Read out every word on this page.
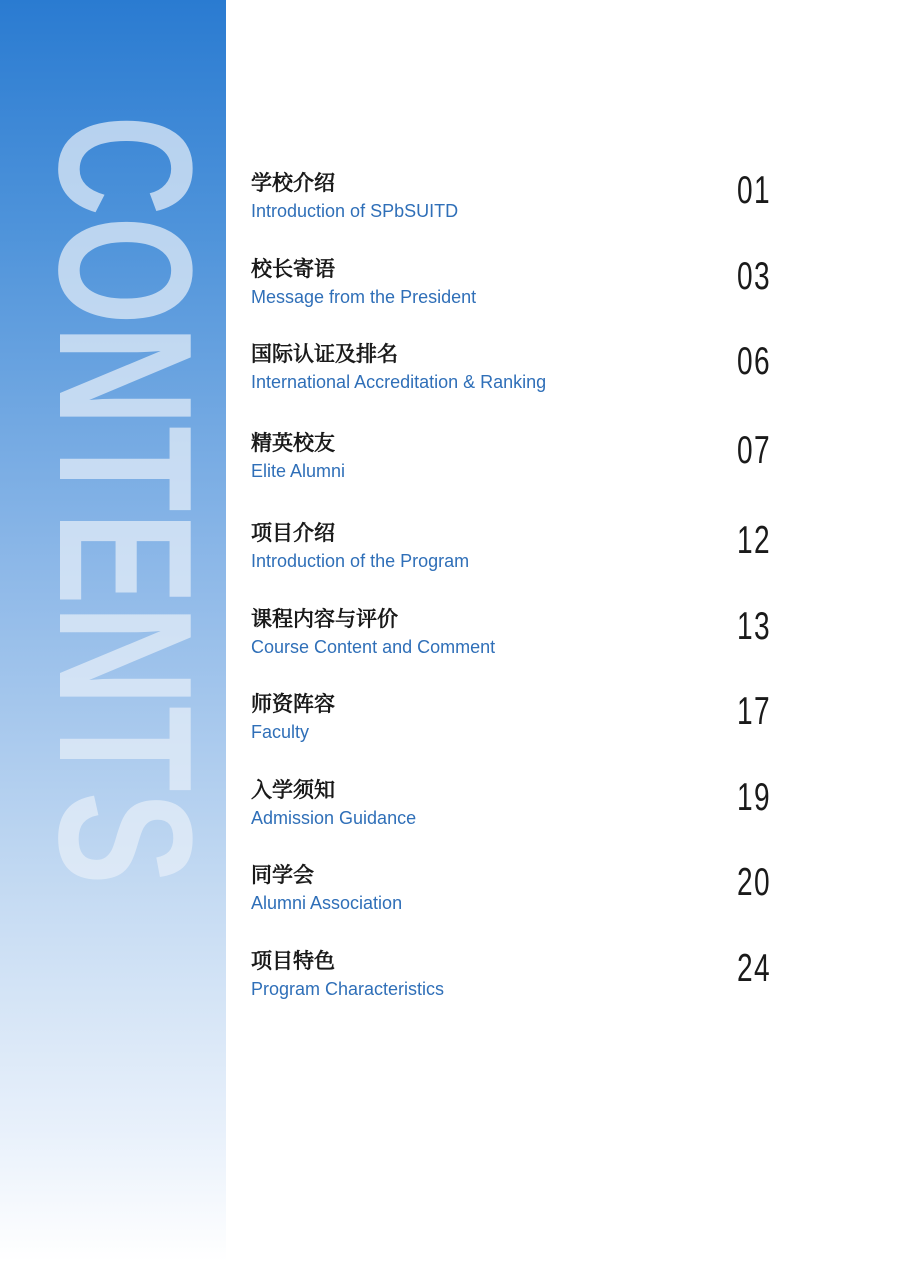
CONTENTS 学校介绍
Introduction of SPbSUITD	01
校长寄语
Message from the President	03
国际认证及排名
International Accreditation & Ranking	06
精英校友
Elite Alumni	07
项目介绍
Introduction of the Program	12
课程内容与评价
Course Content and Comment	13
师资阵容
Faculty	17
入学须知
Admission Guidance	19
同学会
Alumni Association	20
项目特色
Program Characteristics	24
